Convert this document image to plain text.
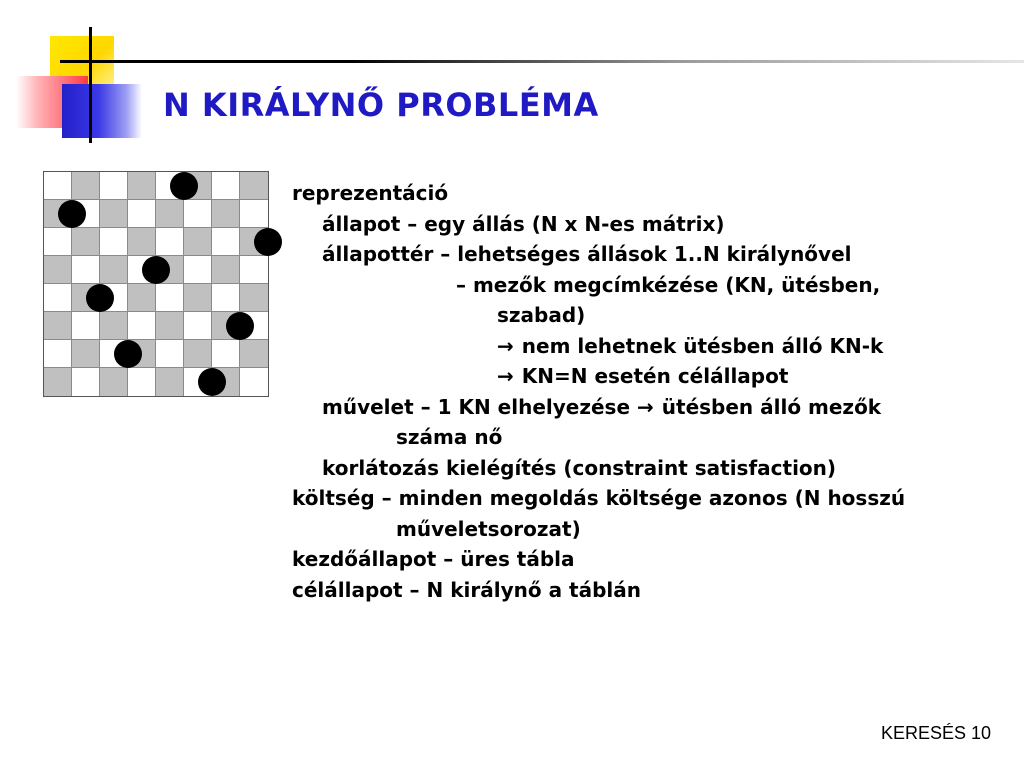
N KIRÁLYNŐ PROBLÉMA
reprezentáció
állapot – egy állás (N x N-es mátrix)
állapottér – lehetséges állások 1..N királynővel
– mezők megcímkézése (KN, ütésben,
szabad)
→ nem lehetnek ütésben álló KN-k
→ KN=N esetén célállapot
művelet – 1 KN elhelyezése → ütésben álló mezők
száma nő
korlátozás kielégítés (constraint satisfaction)
költség – minden megoldás költsége azonos (N hosszú
műveletsorozat)
kezdőállapot – üres tábla
célállapot – N királynő a táblán
KERESÉS 10
